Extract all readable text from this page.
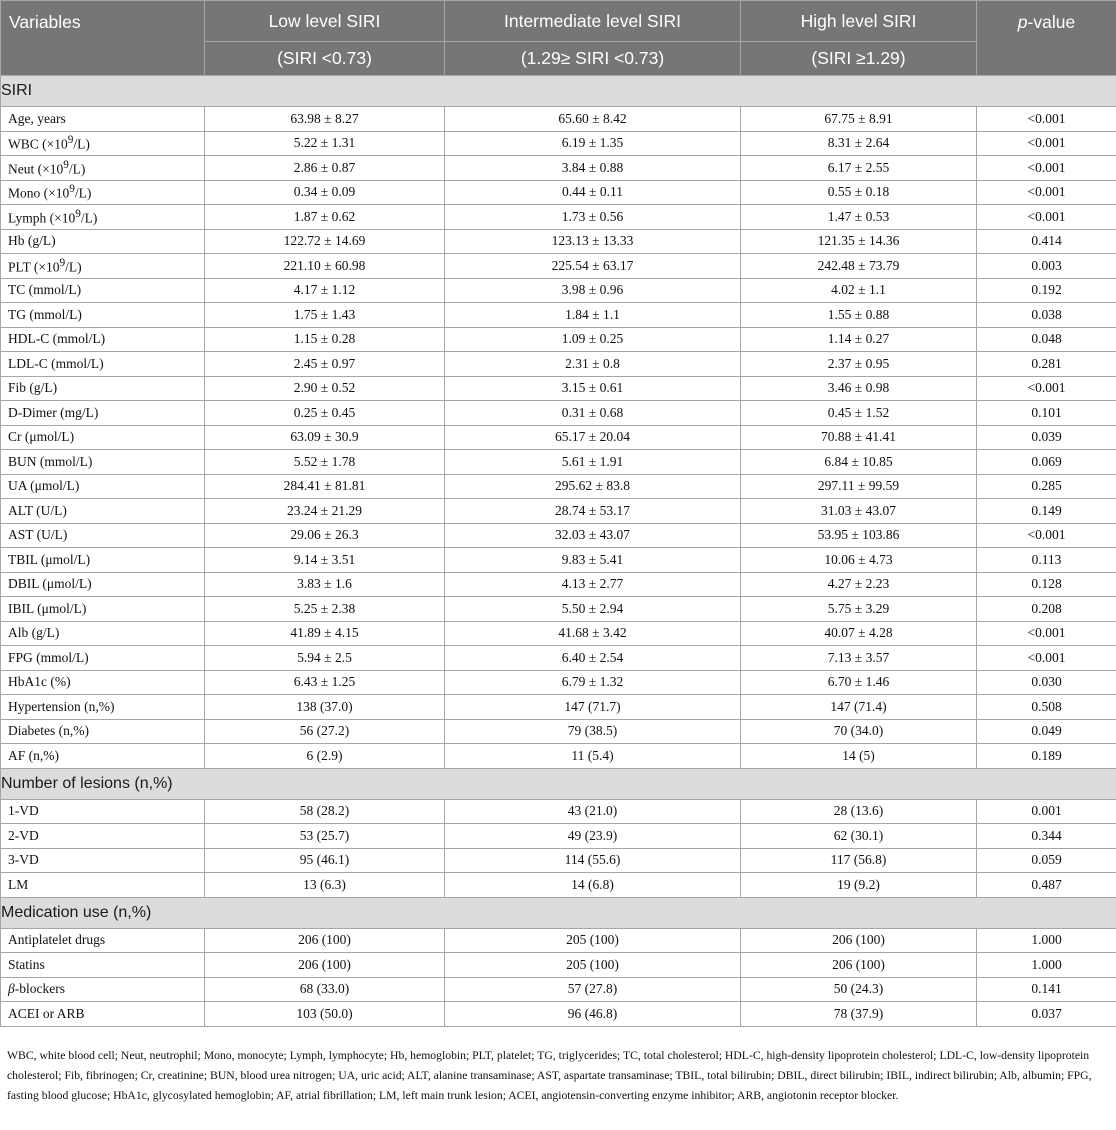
Variables	Low level SIRI	Intermediate level SIRI	High level SIRI	p-value
	(SIRI <0.73)	(1.29≥ SIRI <0.73)	(SIRI ≥1.29)	
SIRI				
Age, years	63.98 ± 8.27	65.60 ± 8.42	67.75 ± 8.91	<0.001
WBC $(\times 10^9/L)$	5.22 ± 1.31	6.19 ± 1.35	8.31 ± 2.64	<0.001
Neut $(\times 10^9/L)$	2.86 ± 0.87	3.84 ± 0.88	6.17 ± 2.55	<0.001
Mono $(\times 10^9/L)$	0.34 ± 0.09	0.44 ± 0.11	0.55 ± 0.18	<0.001
Lymph $(\times 10^9/L)$	1.87 ± 0.62	1.73 ± 0.56	1.47 ± 0.53	<0.001
Hb (g/L)	122.72 ± 14.69	123.13 ± 13.33	121.35 ± 14.36	0.414
PLT $(\times 10^9/L)$	221.10 ± 60.98	225.54 ± 63.17	242.48 ± 73.79	0.003
TC (mmol/L)	4.17 ± 1.12	3.98 ± 0.96	4.02 ± 1.1	0.192
TG (mmol/L)	1.75 ± 1.43	1.84 ± 1.1	1.55 ± 0.88	0.038
HDL-C (mmol/L)	1.15 ± 0.28	1.09 ± 0.25	1.14 ± 0.27	0.048
LDL-C (mmol/L)	2.45 ± 0.97	2.31 ± 0.8	2.37 ± 0.95	0.281
Fib (g/L)	2.90 ± 0.52	3.15 ± 0.61	3.46 ± 0.98	<0.001
D-Dimer (mg/L)	0.25 ± 0.45	0.31 ± 0.68	0.45 ± 1.52	0.101
Cr (μmol/L)	63.09 ± 30.9	65.17 ± 20.04	70.88 ± 41.41	0.039
BUN (mmol/L)	5.52 ± 1.78	5.61 ± 1.91	6.84 ± 10.85	0.069
UA (μmol/L)	284.41 ± 81.81	295.62 ± 83.8	297.11 ± 99.59	0.285
ALT (U/L)	23.24 ± 21.29	28.74 ± 53.17	31.03 ± 43.07	0.149
AST (U/L)	29.06 ± 26.3	32.03 ± 43.07	53.95 ± 103.86	<0.001
TBIL (μmol/L)	9.14 ± 3.51	9.83 ± 5.41	10.06 ± 4.73	0.113
DBIL (μmol/L)	3.83 ± 1.6	4.13 ± 2.77	4.27 ± 2.23	0.128
IBIL (μmol/L)	5.25 ± 2.38	5.50 ± 2.94	5.75 ± 3.29	0.208
Alb (g/L)	41.89 ± 4.15	41.68 ± 3.42	40.07 ± 4.28	<0.001
FPG (mmol/L)	5.94 ± 2.5	6.40 ± 2.54	7.13 ± 3.57	<0.001
HbA1c (%)	6.43 ± 1.25	6.79 ± 1.32	6.70 ± 1.46	0.030
Hypertension (n,%)	138 (37.0)	147 (71.7)	147 (71.4)	0.508
Diabetes (n,%)	56 (27.2)	79 (38.5)	70 (34.0)	0.049
AF (n,%)	6 (2.9)	11 (5.4)	14 (5)	0.189
Number of lesions (n,%)				
1-VD	58 (28.2)	43 (21.0)	28 (13.6)	0.001
2-VD	53 (25.7)	49 (23.9)	62 (30.1)	0.344
3-VD	95 (46.1)	114 (55.6)	117 (56.8)	0.059
LM	13 (6.3)	14 (6.8)	19 (9.2)	0.487
Medication use (n,%)				
Antiplatelet drugs	206 (100)	205 (100)	206 (100)	1.000
Statins	206 (100)	205 (100)	206 (100)	1.000
β-blockers	68 (33.0)	57 (27.8)	50 (24.3)	0.141
ACEI or ARB	103 (50.0)	96 (46.8)	78 (37.9)	0.037

WBC, white blood cell; Neut, neutrophil; Mono, monocyte; Lymph, lymphocyte; Hb, hemoglobin; PLT, platelet; TG, triglycerides; TC, total cholesterol; HDL-C, high-density lipoprotein cholesterol; LDL-C, low-density lipoprotein cholesterol; Fib, fibrinogen; Cr, creatinine; BUN, blood urea nitrogen; UA, uric acid; ALT, alanine transaminase; AST, aspartate transaminase; TBIL, total bilirubin; DBIL, direct bilirubin; IBIL, indirect bilirubin; Alb, albumin; FPG, fasting blood glucose; HbA1c, glycosylated hemoglobin; AF, atrial fibrillation; LM, left main trunk lesion; ACEI, angiotensin-converting enzyme inhibitor; ARB, angiotonin receptor blocker.
